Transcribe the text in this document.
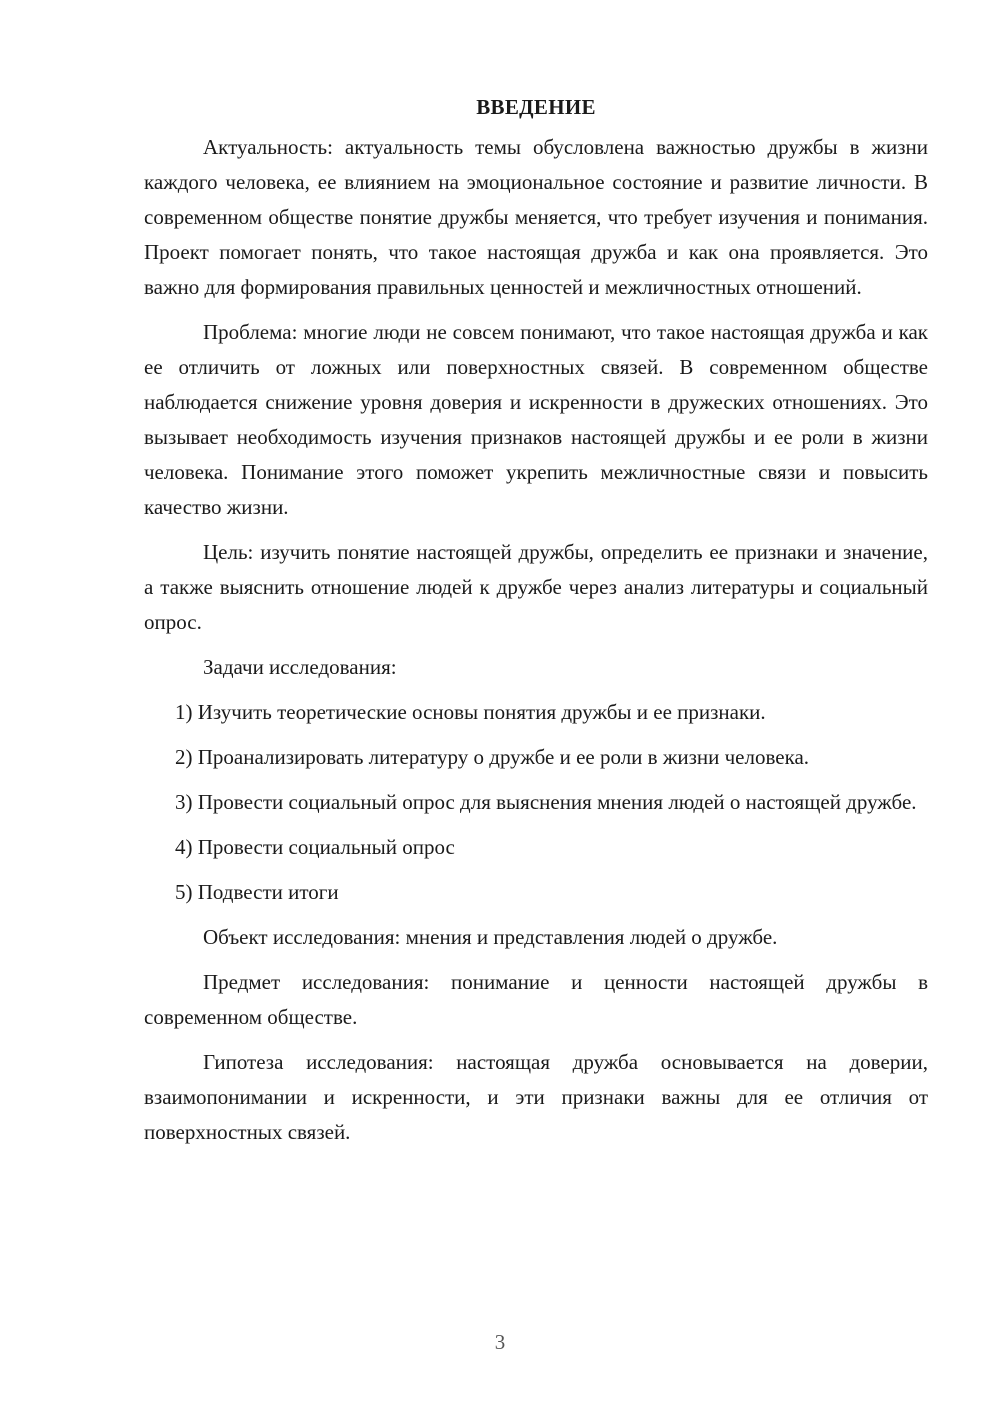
ВВЕДЕНИЕ

Актуальность: актуальность темы обусловлена важностью дружбы в жизни каждого человека, ее влиянием на эмоциональное состояние и развитие личности. В современном обществе понятие дружбы меняется, что требует изучения и понимания. Проект помогает понять, что такое настоящая дружба и как она проявляется. Это важно для формирования правильных ценностей и межличностных отношений.

Проблема: многие люди не совсем понимают, что такое настоящая дружба и как ее отличить от ложных или поверхностных связей. В современном обществе наблюдается снижение уровня доверия и искренности в дружеских отношениях. Это вызывает необходимость изучения признаков настоящей дружбы и ее роли в жизни человека. Понимание этого поможет укрепить межличностные связи и повысить качество жизни.

Цель: изучить понятие настоящей дружбы, определить ее признаки и значение, а также выяснить отношение людей к дружбе через анализ литературы и социальный опрос.

Задачи исследования:

1) Изучить теоретические основы понятия дружбы и ее признаки.

2) Проанализировать литературу о дружбе и ее роли в жизни человека.

3) Провести социальный опрос для выяснения мнения людей о настоящей дружбе.

4) Провести социальный опрос

5) Подвести итоги

Объект исследования: мнения и представления людей о дружбе.

Предмет исследования: понимание и ценности настоящей дружбы в современном обществе.

Гипотеза исследования: настоящая дружба основывается на доверии, взаимопонимании и искренности, и эти признаки важны для ее отличия от поверхностных связей.

3
